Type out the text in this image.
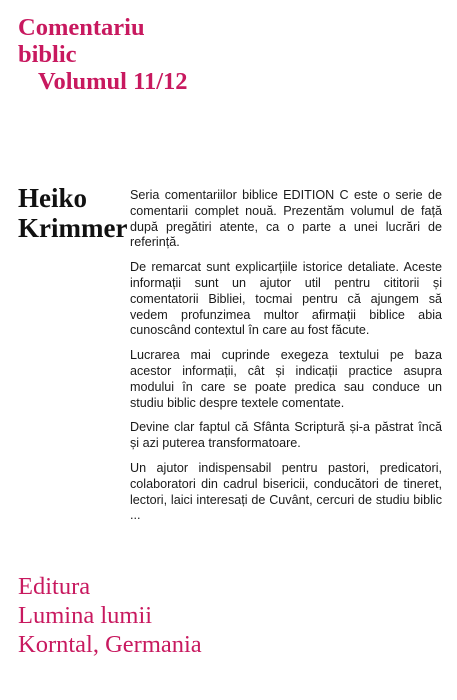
Comentariu
biblic
Volumul 11/12
Heiko
Krimmer

Seria comentariilor biblice EDITION C este o serie de comentarii complet nouă. Prezentăm volumul de față după pregătiri atente, ca o parte a unei lucrări de referință.

De remarcat sunt explicarțiile istorice detaliate. Aceste informații sunt un ajutor util pentru cititorii și comentatorii Bibliei, tocmai pentru că ajungem să vedem profunzimea multor afirmații biblice abia cunoscând contextul în care au fost făcute.

Lucrarea mai cuprinde exegeza textului pe baza acestor informații, cât și indicații practice asupra modului în care se poate predica sau conduce un studiu biblic despre textele comentate.

Devine clar faptul că Sfânta Scriptură și-a păstrat încă și azi puterea transformatoare.

Un ajutor indispensabil pentru pastori, predicatori, colaboratori din cadrul bisericii, conducători de tineret, lectori, laici interesați de Cuvânt, cercuri de studiu biblic ...

Editura
Lumina lumii
Korntal, Germania
